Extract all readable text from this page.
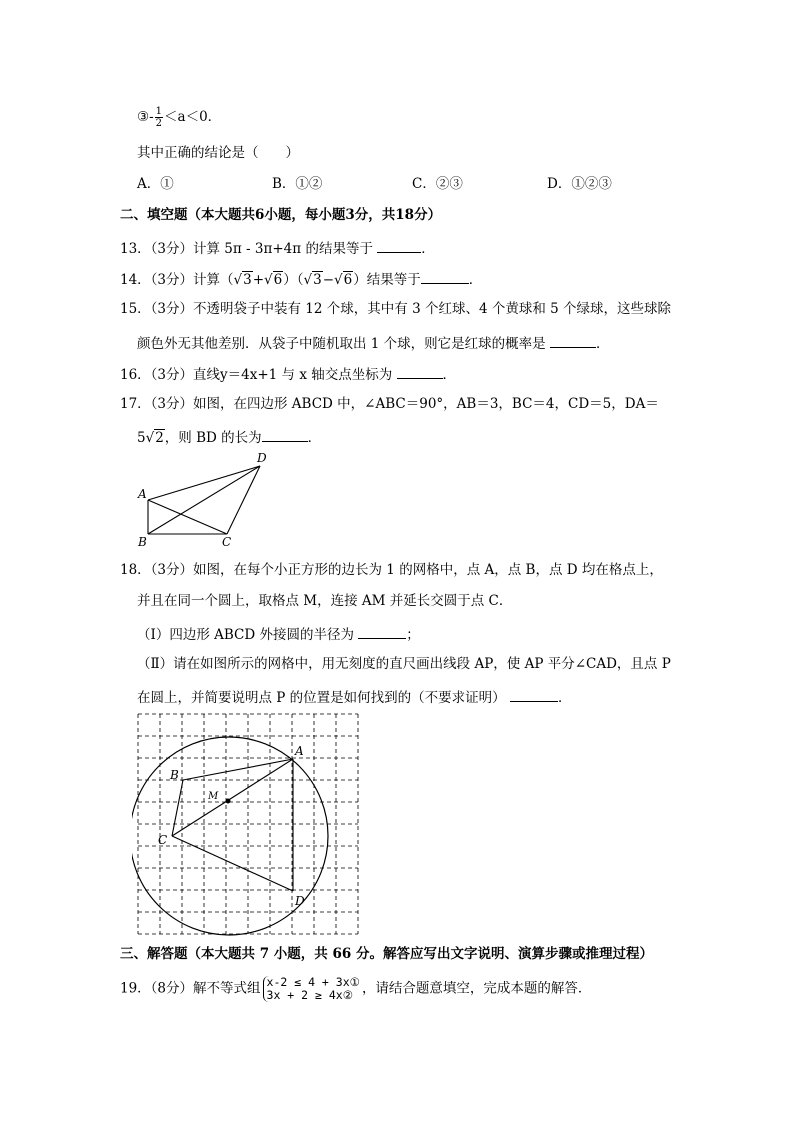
③- $\frac{1}{2} <a<0$．
其中正确的结论是（　　）
A．①	B．①②	C．②③	D．①②③
二、填空题（本大题共6小题，每小题3分，共18分）
13．（3分）计算 5π - 3π+4π 的结果等于	．
14．（3分）计算（√3+√6）（√3−√6）结果等于	．
15．（3分）不透明袋子中装有 12 个球，其中有 3 个红球、4 个黄球和 5 个绿球，这些球除
颜色外无其他差别．从袋子中随机取出 1 个球，则它是红球的概率是	．
16．（3分）直线y＝4x+1 与 x 轴交点坐标为	．
17．（3分）如图，在四边形 ABCD 中，∠ABC＝90°，AB＝3，BC＝4，CD＝5，DA＝
5√2，则 BD 的长为	．
A
B	C
D
18．（3分）如图，在每个小正方形的边长为 1 的网格中，点 A，点 B，点 D 均在格点上，
并且在同一个圆上，取格点 M，连接 AM 并延长交圆于点 C．
（Ⅰ）四边形 ABCD 外接圆的半径为	；
（Ⅱ）请在如图所示的网格中，用无刻度的直尺画出线段 AP，使 AP 平分∠CAD，且点 P
在圆上，并简要说明点 P 的位置是如何找到的（不要求证明）	．
A
B
M
C
D
三、解答题（本大题共 7 小题，共 66 分。解答应写出文字说明、演算步骤或推理过程）
19．（8分）解不等式组 x-2 ≤ 4 + 3x①
3x + 2 ≥ 4x② ，请结合题意填空，完成本题的解答．
